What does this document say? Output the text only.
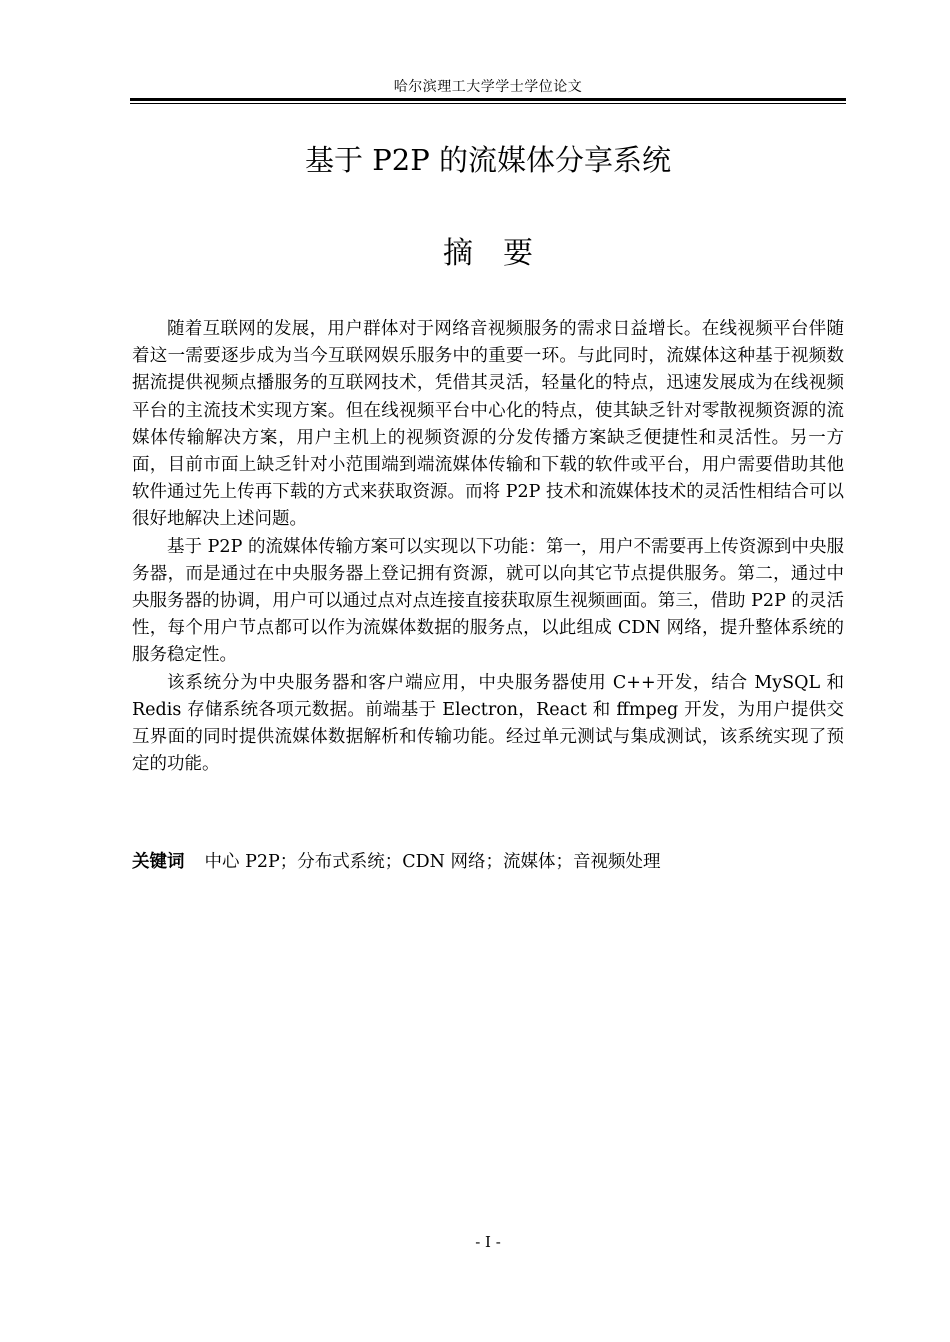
哈尔滨理工大学学士学位论文
基于 P2P 的流媒体分享系统
摘要

随着互联网的发展，用户群体对于网络音视频服务的需求日益增长。在线视频平台伴随着这一需要逐步成为当今互联网娱乐服务中的重要一环。与此同时，流媒体这种基于视频数据流提供视频点播服务的互联网技术，凭借其灵活，轻量化的特点，迅速发展成为在线视频平台的主流技术实现方案。但在线视频平台中心化的特点，使其缺乏针对零散视频资源的流媒体传输解决方案，用户主机上的视频资源的分发传播方案缺乏便捷性和灵活性。另一方面，目前市面上缺乏针对小范围端到端流媒体传输和下载的软件或平台，用户需要借助其他软件通过先上传再下载的方式来获取资源。而将 P2P 技术和流媒体技术的灵活性相结合可以很好地解决上述问题。

基于 P2P 的流媒体传输方案可以实现以下功能：第一，用户不需要再上传资源到中央服务器，而是通过在中央服务器上登记拥有资源，就可以向其它节点提供服务。第二，通过中央服务器的协调，用户可以通过点对点连接直接获取原生视频画面。第三，借助 P2P 的灵活性，每个用户节点都可以作为流媒体数据的服务点，以此组成 CDN 网络，提升整体系统的服务稳定性。

该系统分为中央服务器和客户端应用，中央服务器使用 C++开发，结合 MySQL 和 Redis 存储系统各项元数据。前端基于 Electron，React 和 ffmpeg 开发，为用户提供交互界面的同时提供流媒体数据解析和传输功能。经过单元测试与集成测试，该系统实现了预定的功能。

关键词 中心 P2P；分布式系统；CDN 网络；流媒体；音视频处理
- I -
